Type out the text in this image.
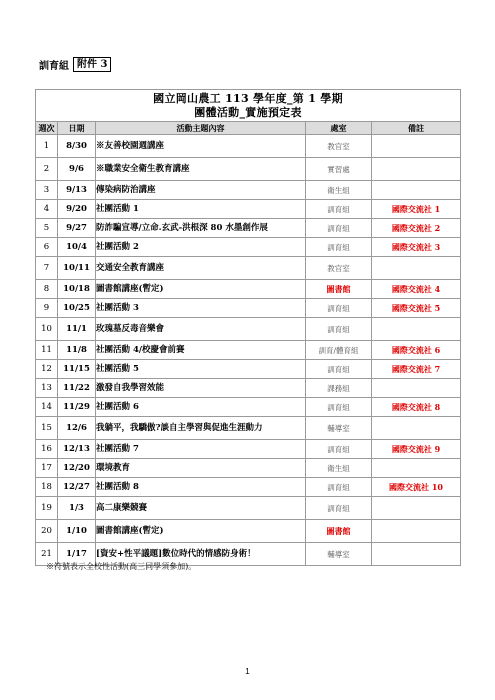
訓育組 附件 3
國立岡山農工 113 學年度_第 1 學期
團體活動_實施預定表				

週次	日期	活動主題內容	處室	備註
1	8/30	※友善校園週講座	教官室	
2	9/6	※職業安全衛生教育講座	實習處	
3	9/13	傳染病防治講座	衛生組	
4	9/20	社團活動 1	訓育組	國際交流社 1
5	9/27	防詐騙宣導/立命.玄武-洪根深 80 水墨創作展	訓育組	國際交流社 2
6	10/4	社團活動 2	訓育組	國際交流社 3
7	10/11	交通安全教育講座	教官室	
8	10/18	圖書館講座(暫定)	圖書館	國際交流社 4
9	10/25	社團活動 3	訓育組	國際交流社 5
10	11/1	玫瑰墓反毒音樂會	訓育組	
11	11/8	社團活動 4/校慶會前賽	訓育/體育組	國際交流社 6
12	11/15	社團活動 5	訓育組	國際交流社 7
13	11/22	激發自我學習效能	課務組	
14	11/29	社團活動 6	訓育組	國際交流社 8
15	12/6	我躺平，我驕傲?談自主學習與促進生涯動力	輔導室	
16	12/13	社團活動 7	訓育組	國際交流社 9
17	12/20	環境教育	衛生組	
18	12/27	社團活動 8	訓育組	國際交流社 10
19	1/3	高二康樂競賽	訓育組	
20	1/10	圖書館講座(暫定)	圖書館	
21	1/17	[資安+性平議題]數位時代的情感防身術！	輔導室	
※符號表示全校性活動(高三同學須參加)。
1
